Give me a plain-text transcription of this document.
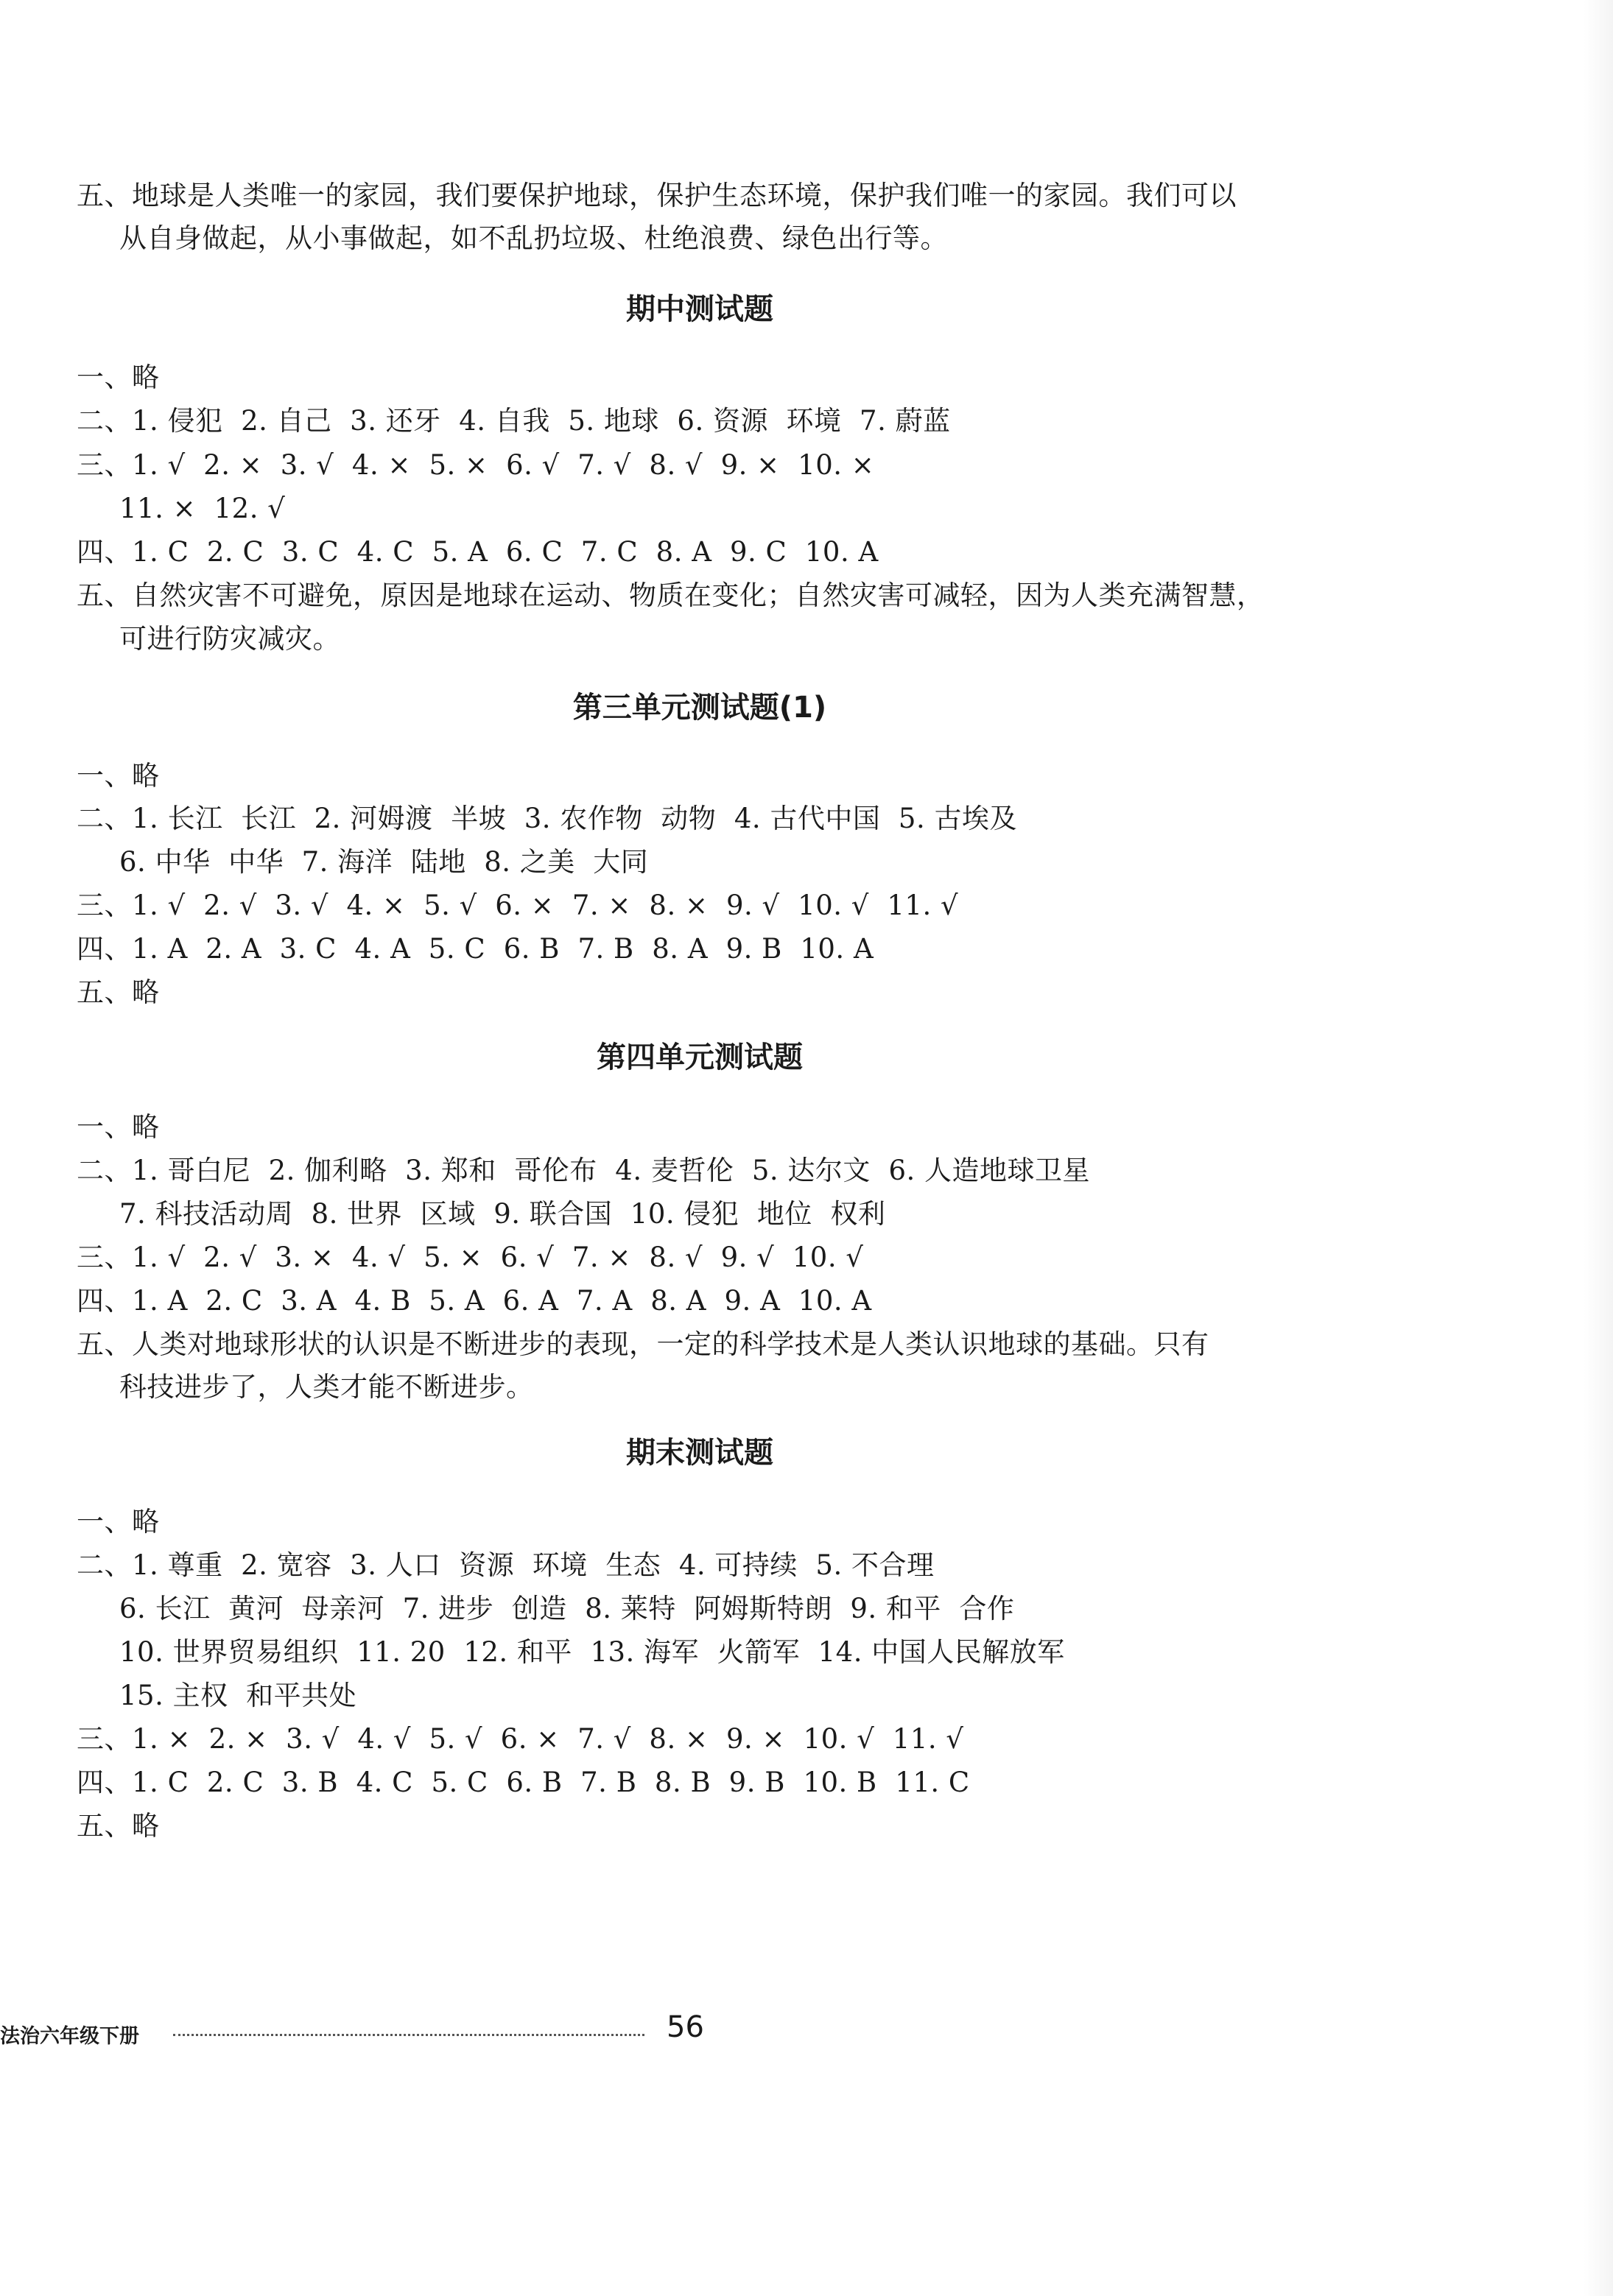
五、地球是人类唯一的家园，我们要保护地球，保护生态环境，保护我们唯一的家园。我们可以
从自身做起，从小事做起，如不乱扔垃圾、杜绝浪费、绿色出行等。
期中测试题
一、略
二、1. 侵犯  2. 自己  3. 还牙  4. 自我  5. 地球  6. 资源  环境  7. 蔚蓝
三、1. √  2. ×  3. √  4. ×  5. ×  6. √  7. √  8. √  9. ×  10. ×
11. ×  12. √
四、1. C  2. C  3. C  4. C  5. A  6. C  7. C  8. A  9. C  10. A
五、自然灾害不可避免，原因是地球在运动、物质在变化；自然灾害可减轻，因为人类充满智慧，
可进行防灾减灾。
第三单元测试题(1)
一、略
二、1. 长江  长江  2. 河姆渡  半坡  3. 农作物  动物  4. 古代中国  5. 古埃及
6. 中华  中华  7. 海洋  陆地  8. 之美  大同
三、1. √  2. √  3. √  4. ×  5. √  6. ×  7. ×  8. ×  9. √  10. √  11. √
四、1. A  2. A  3. C  4. A  5. C  6. B  7. B  8. A  9. B  10. A
五、略
第四单元测试题
一、略
二、1. 哥白尼  2. 伽利略  3. 郑和  哥伦布  4. 麦哲伦  5. 达尔文  6. 人造地球卫星
7. 科技活动周  8. 世界  区域  9. 联合国  10. 侵犯  地位  权利
三、1. √  2. √  3. ×  4. √  5. ×  6. √  7. ×  8. √  9. √  10. √
四、1. A  2. C  3. A  4. B  5. A  6. A  7. A  8. A  9. A  10. A
五、人类对地球形状的认识是不断进步的表现，一定的科学技术是人类认识地球的基础。只有
科技进步了，人类才能不断进步。
期末测试题
一、略
二、1. 尊重  2. 宽容  3. 人口  资源  环境  生态  4. 可持续  5. 不合理
6. 长江  黄河  母亲河  7. 进步  创造  8. 莱特  阿姆斯特朗  9. 和平  合作
10. 世界贸易组织  11. 20  12. 和平  13. 海军  火箭军  14. 中国人民解放军
15. 主权  和平共处
三、1. ×  2. ×  3. √  4. √  5. √  6. ×  7. √  8. ×  9. ×  10. √  11. √
四、1. C  2. C  3. B  4. C  5. C  6. B  7. B  8. B  9. B  10. B  11. C
五、略
法治六年级下册	56
